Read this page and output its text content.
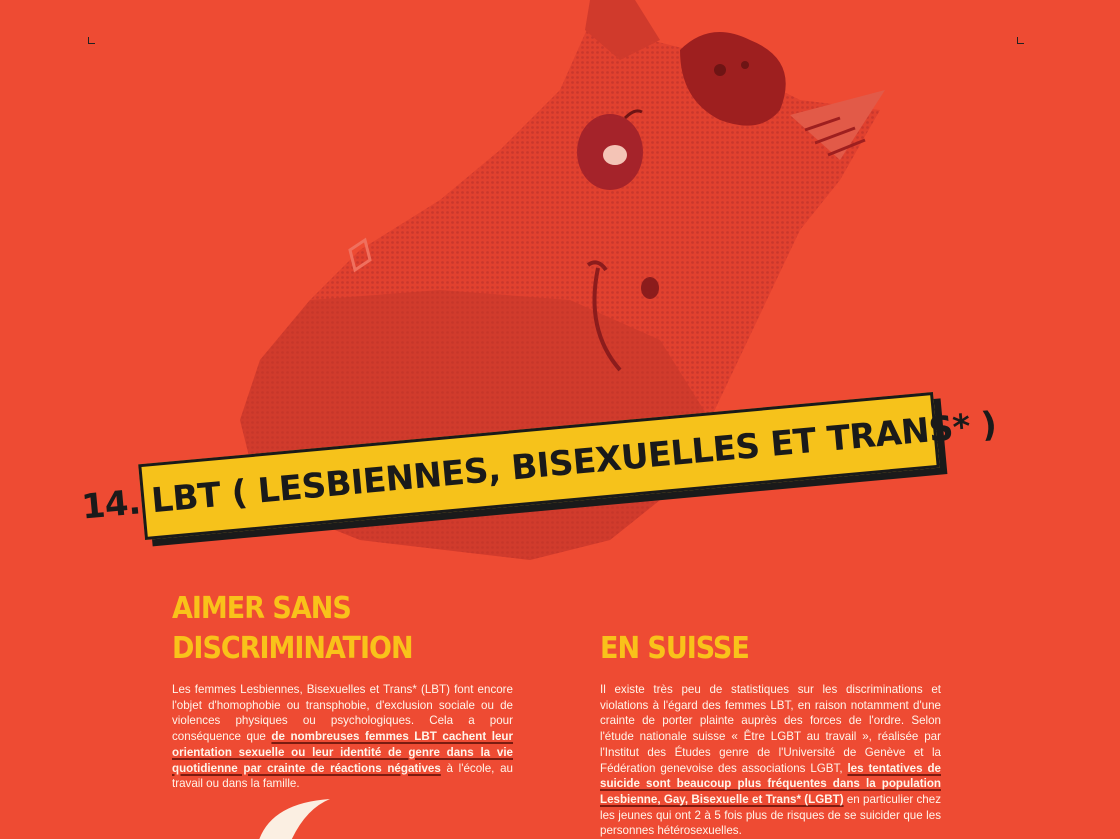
14. LBT ( LESBIENNES, BISEXUELLES ET TRANS* )
AIMER SANS
DISCRIMINATION	EN SUISSE

Les femmes Lesbiennes, Bisexuelles et Trans* (LBT) font encore l'objet d'homophobie ou transphobie, d'exclusion sociale ou de violences physiques ou psychologiques. Cela a pour conséquence que de nombreuses femmes LBT cachent leur orientation sexuelle ou leur identité de genre dans la vie quotidienne par crainte de réactions négatives à l'école, au travail ou dans la famille.

Il existe très peu de statistiques sur les discriminations et violations à l'égard des femmes LBT, en raison notamment d'une crainte de porter plainte auprès des forces de l'ordre. Selon l'étude nationale suisse « Être LGBT au travail », réalisée par l'Institut des Études genre de l'Université de Genève et la Fédération genevoise des associations LGBT, les tentatives de suicide sont beaucoup plus fréquentes dans la population Lesbienne, Gay, Bisexuelle et Trans* (LGBT) en particulier chez les jeunes qui ont 2 à 5 fois plus de risques de se suicider que les personnes hétérosexuelles.
